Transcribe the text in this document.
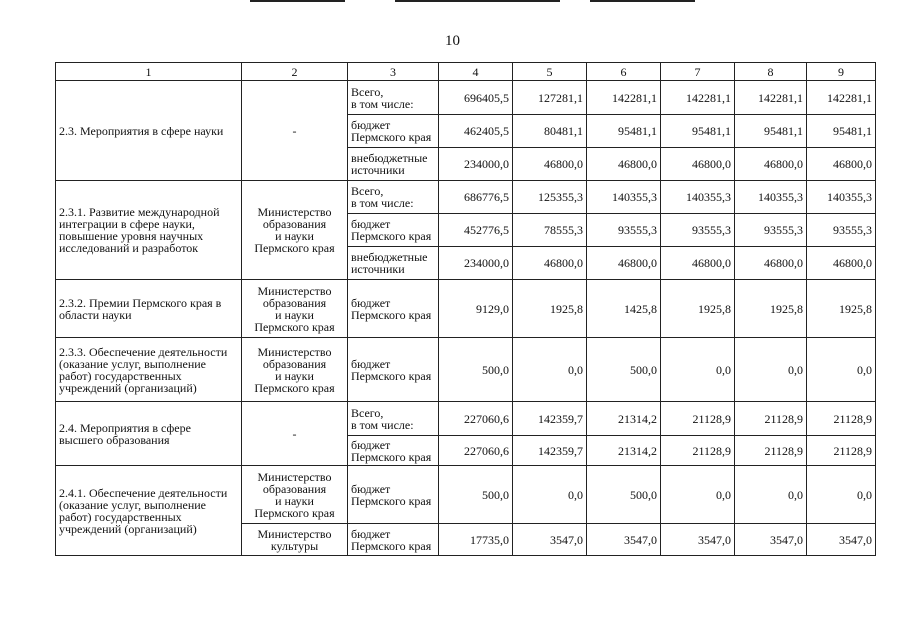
10
1	2	3	4	5	6	7	8	9
2.3. Мероприятия в сфере науки	-	Всего,
в том числе:	696405,5	127281,1	142281,1	142281,1	142281,1	142281,1
		бюджет
Пермского края	462405,5	80481,1	95481,1	95481,1	95481,1	95481,1
		внебюджетные
источники	234000,0	46800,0	46800,0	46800,0	46800,0	46800,0
2.3.1. Развитие международной интеграции в сфере науки, повышение уровня научных исследований и разработок	Министерство
образования
и науки
Пермского края	Всего,
в том числе:	686776,5	125355,3	140355,3	140355,3	140355,3	140355,3
		бюджет
Пермского края	452776,5	78555,3	93555,3	93555,3	93555,3	93555,3
		внебюджетные
источники	234000,0	46800,0	46800,0	46800,0	46800,0	46800,0
2.3.2. Премии Пермского края в области науки	Министерство
образования
и науки
Пермского края	бюджет
Пермского края	9129,0	1925,8	1425,8	1925,8	1925,8	1925,8
2.3.3. Обеспечение деятельности (оказание услуг, выполнение работ) государственных учреждений (организаций)	Министерство
образования
и науки
Пермского края	бюджет
Пермского края	500,0	0,0	500,0	0,0	0,0	0,0
2.4. Мероприятия в сфере высшего образования	-	Всего,
в том числе:	227060,6	142359,7	21314,2	21128,9	21128,9	21128,9
		бюджет
Пермского края	227060,6	142359,7	21314,2	21128,9	21128,9	21128,9
2.4.1. Обеспечение деятельности (оказание услуг, выполнение работ) государственных учреждений (организаций)	Министерство
образования
и науки
Пермского края	бюджет
Пермского края	500,0	0,0	500,0	0,0	0,0	0,0
	Министерство
культуры	бюджет
Пермского края	17735,0	3547,0	3547,0	3547,0	3547,0	3547,0
